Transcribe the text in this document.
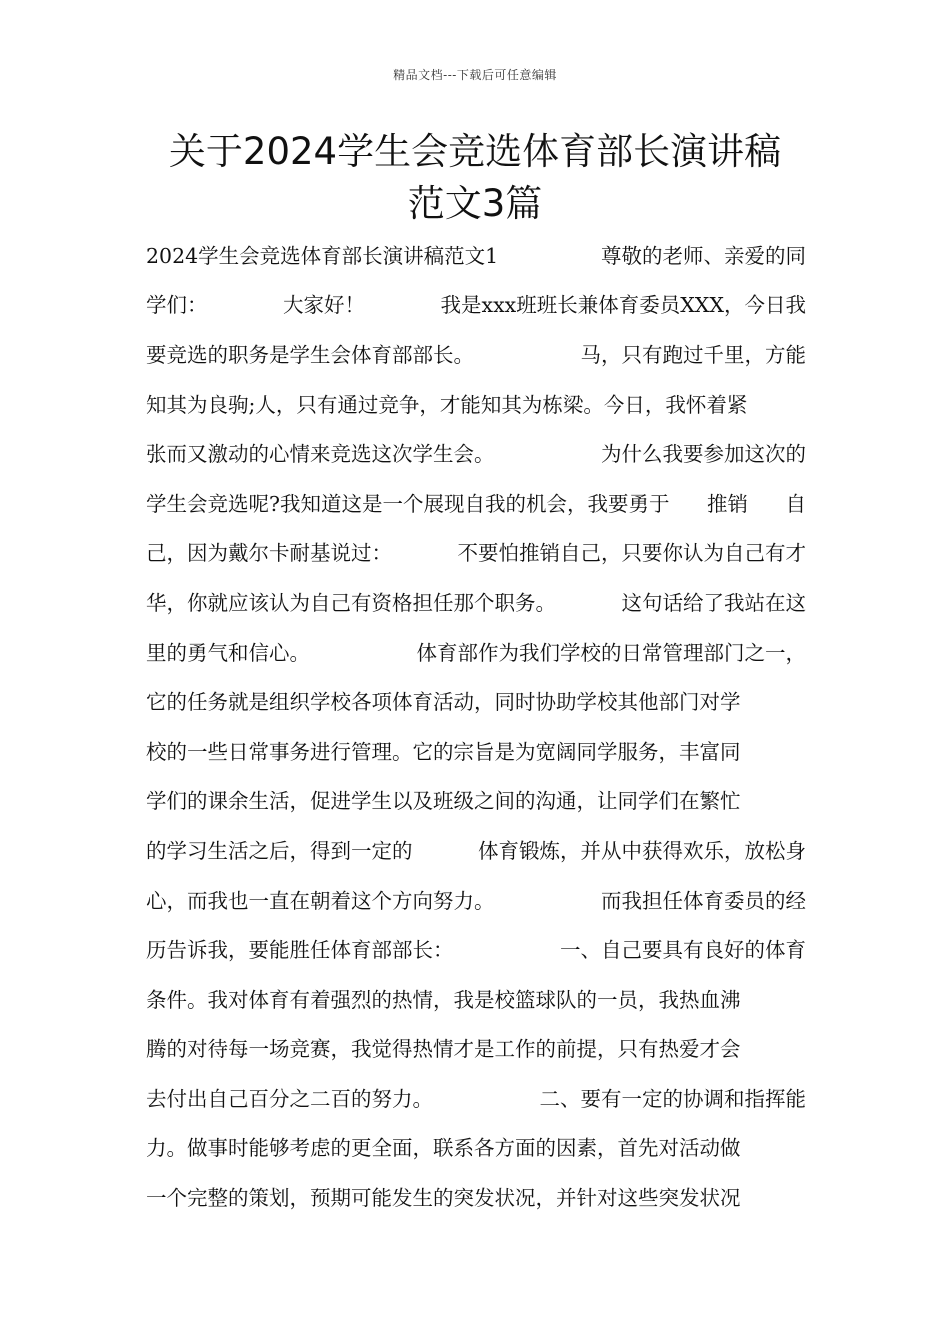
精品文档---下载后可任意编辑
关于2024学生会竞选体育部长演讲稿
范文3篇
2024学生会竞选体育部长演讲稿范文1	尊敬的老师、亲爱的同
学们：	大家好！	我是xxx班班长兼体育委员XXX，今日我
要竞选的职务是学生会体育部部长。	马，只有跑过千里，方能
知其为良驹;人，只有通过竞争，才能知其为栋梁。今日，我怀着紧
张而又激动的心情来竞选这次学生会。	为什么我要参加这次的
学生会竞选呢?我知道这是一个展现自我的机会，我要勇于 推销 自
己，因为戴尔卡耐基说过：	不要怕推销自己，只要你认为自己有才
华，你就应该认为自己有资格担任那个职务。	这句话给了我站在这
里的勇气和信心。	体育部作为我们学校的日常管理部门之一，
它的任务就是组织学校各项体育活动，同时协助学校其他部门对学
校的一些日常事务进行管理。它的宗旨是为宽阔同学服务，丰富同
学们的课余生活，促进学生以及班级之间的沟通，让同学们在繁忙
的学习生活之后，得到一定的	体育锻炼，并从中获得欢乐，放松身
心，而我也一直在朝着这个方向努力。	而我担任体育委员的经
历告诉我，要能胜任体育部部长：	一、自己要具有良好的体育
条件。我对体育有着强烈的热情，我是校篮球队的一员，我热血沸
腾的对待每一场竞赛，我觉得热情才是工作的前提，只有热爱才会
去付出自己百分之二百的努力。	二、要有一定的协调和指挥能
力。做事时能够考虑的更全面，联系各方面的因素，首先对活动做
一个完整的策划，预期可能发生的突发状况，并针对这些突发状况
